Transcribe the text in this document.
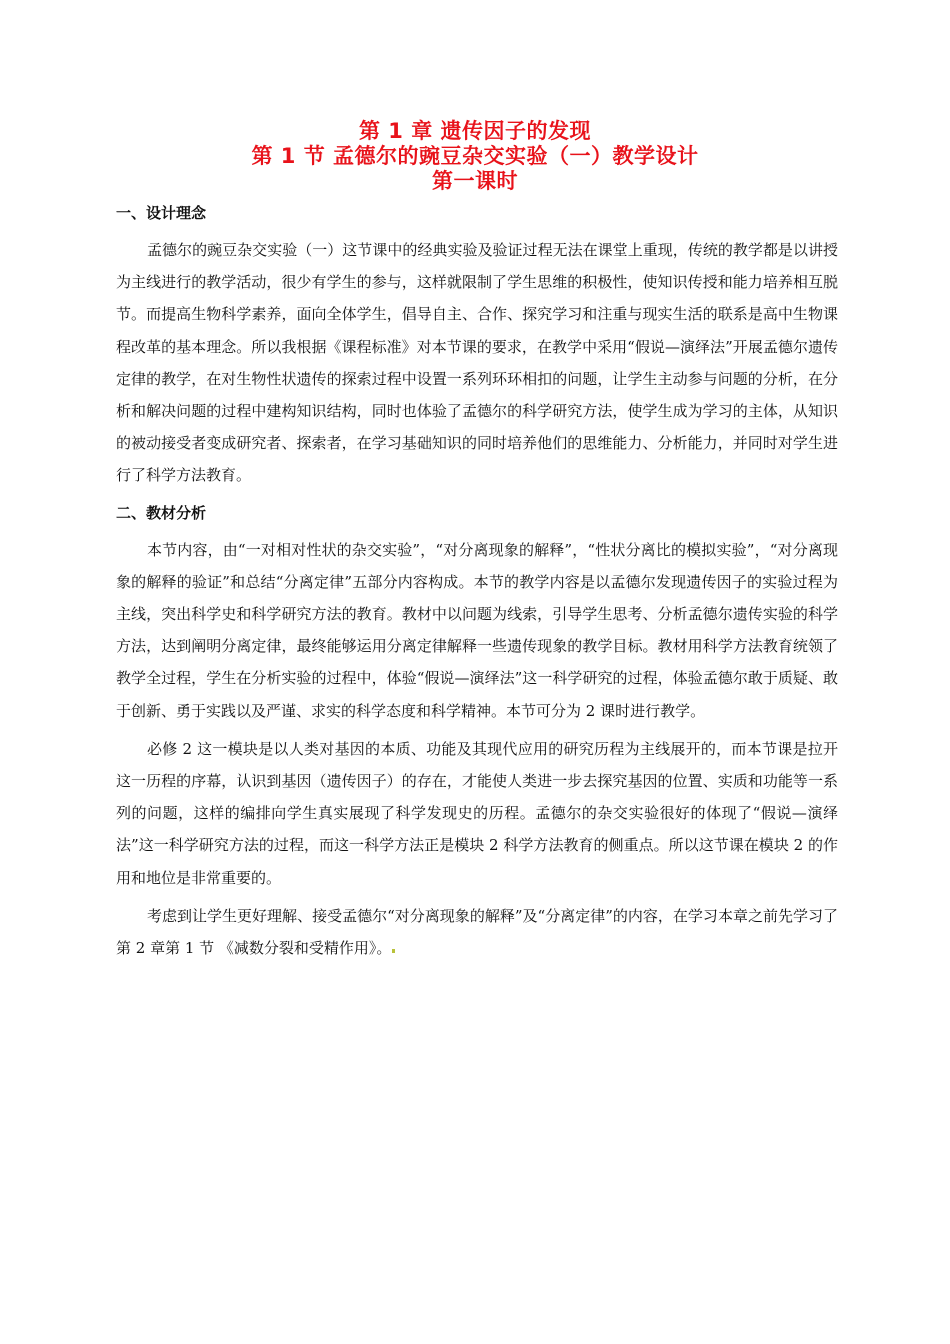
第 1 章 遗传因子的发现
第 1 节 孟德尔的豌豆杂交实验（一）教学设计
第一课时
一、设计理念

孟德尔的豌豆杂交实验（一）这节课中的经典实验及验证过程无法在课堂上重现，传统的教学都是以讲授为主线进行的教学活动，很少有学生的参与，这样就限制了学生思维的积极性，使知识传授和能力培养相互脱节。而提高生物科学素养，面向全体学生，倡导自主、合作、探究学习和注重与现实生活的联系是高中生物课程改革的基本理念。所以我根据《课程标准》对本节课的要求，在教学中采用“假说—演绎法”开展孟德尔遗传定律的教学，在对生物性状遗传的探索过程中设置一系列环环相扣的问题，让学生主动参与问题的分析，在分析和解决问题的过程中建构知识结构，同时也体验了孟德尔的科学研究方法，使学生成为学习的主体，从知识的被动接受者变成研究者、探索者，在学习基础知识的同时培养他们的思维能力、分析能力，并同时对学生进行了科学方法教育。

二、教材分析

本节内容，由“一对相对性状的杂交实验”，“对分离现象的解释”，“性状分离比的模拟实验”，“对分离现象的解释的验证”和总结“分离定律”五部分内容构成。本节的教学内容是以孟德尔发现遗传因子的实验过程为主线，突出科学史和科学研究方法的教育。教材中以问题为线索，引导学生思考、分析孟德尔遗传实验的科学方法，达到阐明分离定律，最终能够运用分离定律解释一些遗传现象的教学目标。教材用科学方法教育统领了教学全过程，学生在分析实验的过程中，体验“假说—演绎法”这一科学研究的过程，体验孟德尔敢于质疑、敢于创新、勇于实践以及严谨、求实的科学态度和科学精神。本节可分为 2 课时进行教学。

必修 2 这一模块是以人类对基因的本质、功能及其现代应用的研究历程为主线展开的，而本节课是拉开这一历程的序幕，认识到基因（遗传因子）的存在，才能使人类进一步去探究基因的位置、实质和功能等一系列的问题，这样的编排向学生真实展现了科学发现史的历程。孟德尔的杂交实验很好的体现了“假说—演绎法”这一科学研究方法的过程，而这一科学方法正是模块 2 科学方法教育的侧重点。所以这节课在模块 2 的作用和地位是非常重要的。

考虑到让学生更好理解、接受孟德尔“对分离现象的解释”及“分离定律”的内容，在学习本章之前先学习了第 2 章第 1 节 《减数分裂和受精作用》。
